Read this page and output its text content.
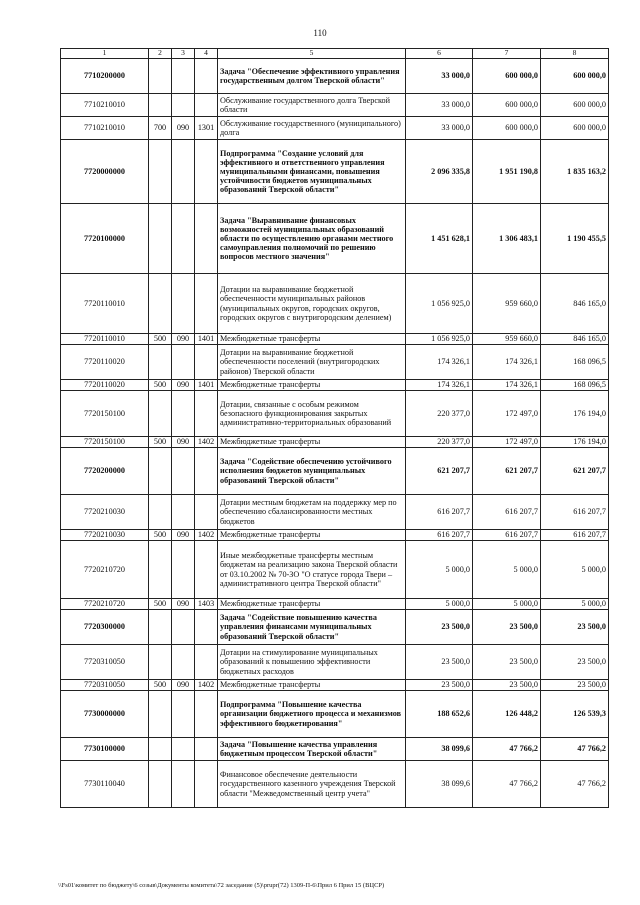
110
1	2	3	4	5	6	7	8
7710200000				Задача "Обеспечение эффективного управления государственным долгом Тверской области"	33 000,0	600 000,0	600 000,0
7710210010				Обслуживание государственного долга Тверской области	33 000,0	600 000,0	600 000,0
7710210010	700	090	1301	Обслуживание государственного (муниципального) долга	33 000,0	600 000,0	600 000,0
7720000000				Подпрограмма "Создание условий для эффективного и ответственного управления муниципальными финансами, повышения устойчивости бюджетов муниципальных образований Тверской области"	2 096 335,8	1 951 190,8	1 835 163,2
7720100000				Задача "Выравнивание финансовых возможностей муниципальных образований области по осуществлению органами местного самоуправления полномочий по решению вопросов местного значения"	1 451 628,1	1 306 483,1	1 190 455,5
7720110010				Дотации на выравнивание бюджетной обеспеченности муниципальных районов (муниципальных округов, городских округов, городских округов с внутригородским делением)	1 056 925,0	959 660,0	846 165,0
7720110010	500	090	1401	Межбюджетные трансферты	1 056 925,0	959 660,0	846 165,0
7720110020				Дотации на выравнивание бюджетной обеспеченности поселений (внутригородских районов) Тверской области	174 326,1	174 326,1	168 096,5
7720110020	500	090	1401	Межбюджетные трансферты	174 326,1	174 326,1	168 096,5
7720150100				Дотации, связанные с особым режимом безопасного функционирования закрытых административно-территориальных образований	220 377,0	172 497,0	176 194,0
7720150100	500	090	1402	Межбюджетные трансферты	220 377,0	172 497,0	176 194,0
7720200000				Задача "Содействие обеспечению устойчивого исполнения бюджетов муниципальных образований Тверской области"	621 207,7	621 207,7	621 207,7
7720210030				Дотации местным бюджетам на поддержку мер по обеспечению сбалансированности местных бюджетов	616 207,7	616 207,7	616 207,7
7720210030	500	090	1402	Межбюджетные трансферты	616 207,7	616 207,7	616 207,7
7720210720				Иные межбюджетные трансферты местным бюджетам на реализацию закона Тверской области от 03.10.2002 № 70-ЗО "О статусе города Твери – административного центра Тверской области"	5 000,0	5 000,0	5 000,0
7720210720	500	090	1403	Межбюджетные трансферты	5 000,0	5 000,0	5 000,0
7720300000				Задача "Содействие повышению качества управления финансами муниципальных образований Тверской области"	23 500,0	23 500,0	23 500,0
7720310050				Дотации на стимулирование муниципальных образований к повышению эффективности бюджетных расходов	23 500,0	23 500,0	23 500,0
7720310050	500	090	1402	Межбюджетные трансферты	23 500,0	23 500,0	23 500,0
7730000000				Подпрограмма "Повышение качества организации бюджетного процесса и механизмов эффективного бюджетирования"	188 652,6	126 448,2	126 539,3
7730100000				Задача "Повышение качества управления бюджетным процессом Тверской области"	38 099,6	47 766,2	47 766,2
7730110040				Финансовое обеспечение деятельности государственного казенного учреждения Тверской области "Межведомственный центр учета"	38 099,6	47 766,2	47 766,2
\\Fs01\комитет по бюджету\6 созыв\Документы комитета\72 заседание (5)\prupr(72) 1309-П-6\Прил 6 Прил 15 (ВЦСР)
